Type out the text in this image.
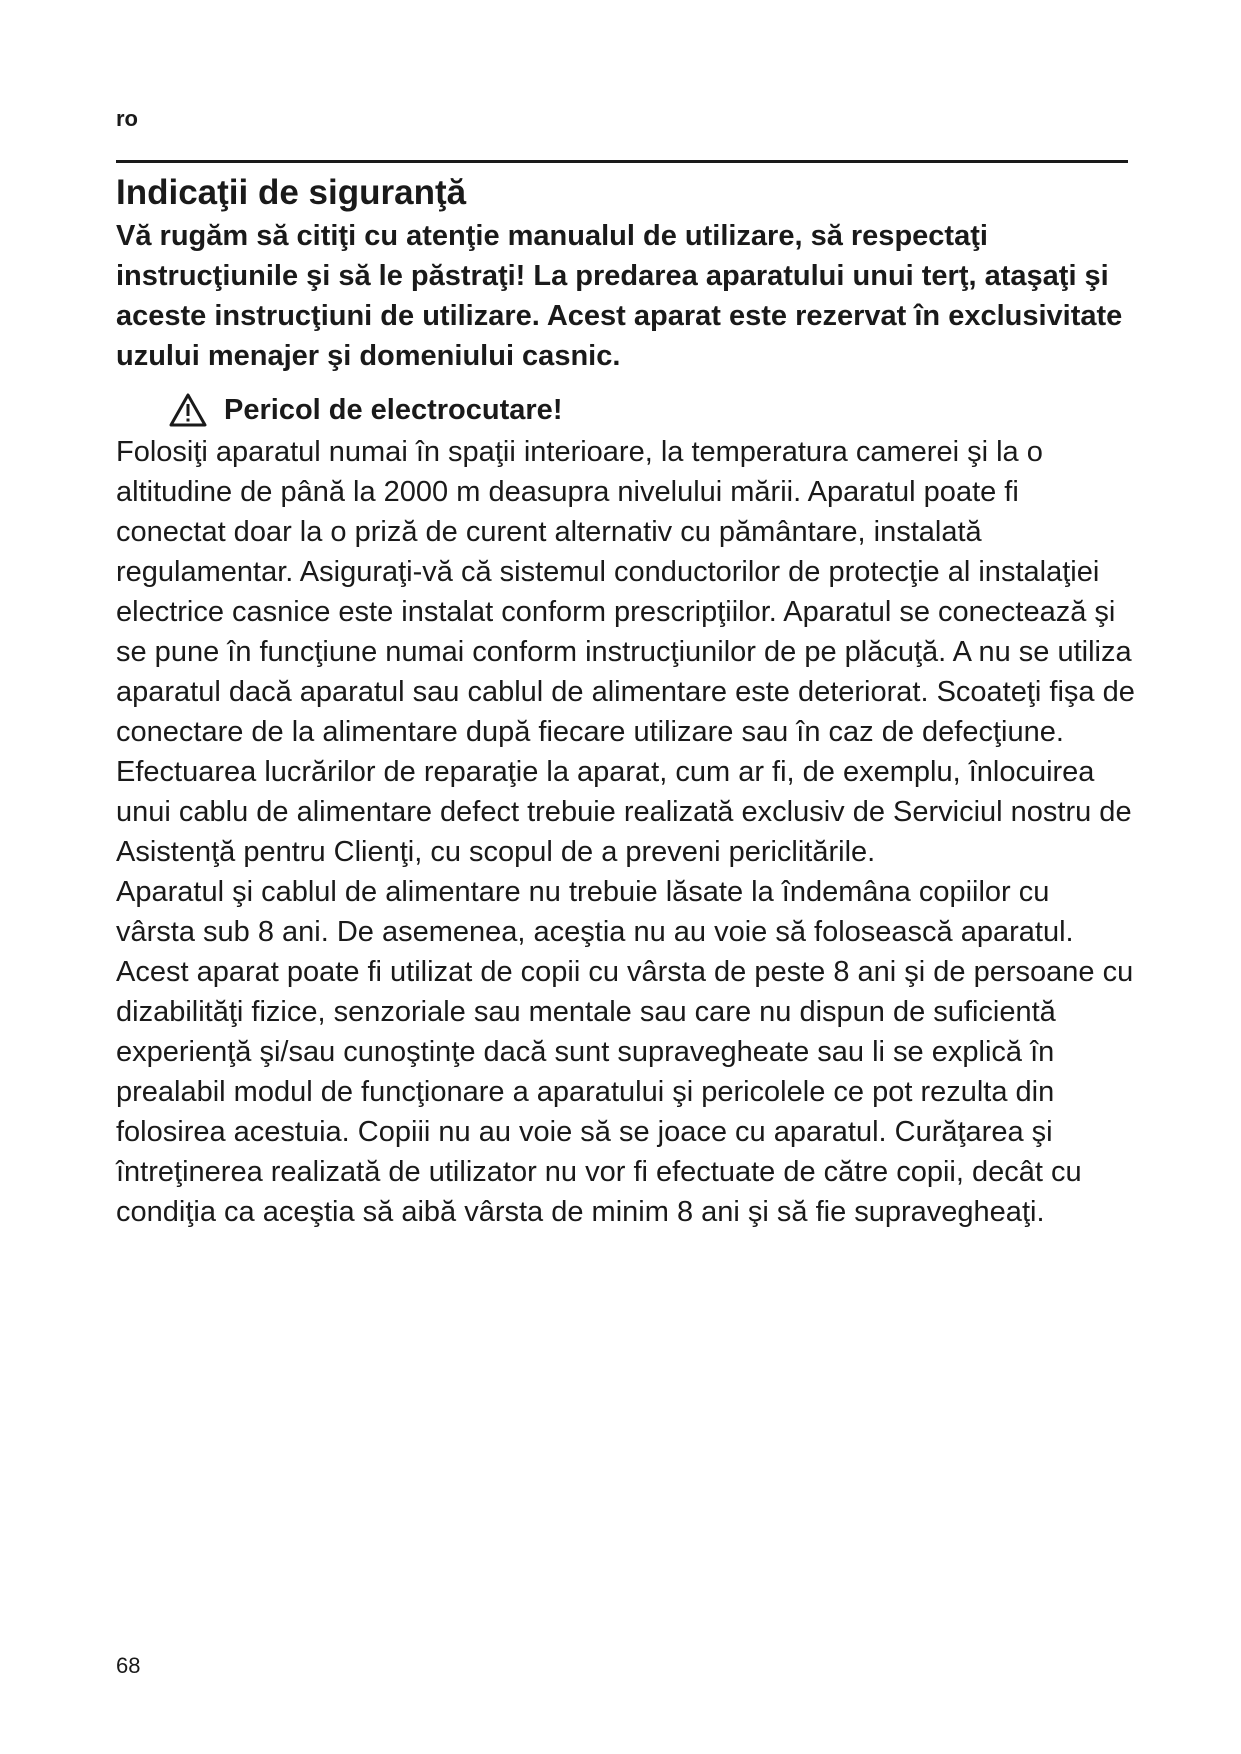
ro
Indicaţii de siguranţă

Vă rugăm să citiţi cu atenţie manualul de utilizare, să respectaţi instrucţiunile şi să le păstraţi! La predarea aparatului unui terţ, ataşaţi şi aceste instrucţiuni de utilizare. Acest aparat este rezervat în exclusivitate uzului menajer şi domeniului casnic.

Pericol de electrocutare!

Folosiţi aparatul numai în spaţii interioare, la temperatura camerei şi la o altitudine de până la 2000 m deasupra nivelului mării. Aparatul poate fi conectat doar la o priză de curent alternativ cu pământare, instalată regulamentar. Asiguraţi-vă că sistemul conductorilor de protecţie al instalaţiei electrice casnice este instalat conform prescripţiilor. Aparatul se conectează şi se pune în funcţiune numai conform instrucţiunilor de pe plăcuţă. A nu se utiliza aparatul dacă aparatul sau cablul de alimentare este deteriorat. Scoateţi fişa de conectare de la alimentare după fiecare utilizare sau în caz de defecţiune. Efectuarea lucrărilor de reparaţie la aparat, cum ar fi, de exemplu, înlocuirea unui cablu de alimentare defect trebuie realizată exclusiv de Serviciul nostru de Asistenţă pentru Clienţi, cu scopul de a preveni periclitările.

Aparatul şi cablul de alimentare nu trebuie lăsate la îndemâna copiilor cu vârsta sub 8 ani. De asemenea, aceştia nu au voie să folosească aparatul. Acest aparat poate fi utilizat de copii cu vârsta de peste 8 ani şi de persoane cu dizabilităţi fizice, senzoriale sau mentale sau care nu dispun de suficientă experienţă şi/sau cunoştinţe dacă sunt supravegheate sau li se explică în prealabil modul de funcţionare a aparatului şi pericolele ce pot rezulta din folosirea acestuia. Copiii nu au voie să se joace cu aparatul. Curăţarea şi întreţinerea realizată de utilizator nu vor fi efectuate de către copii, decât cu condiţia ca aceştia să aibă vârsta de minim 8 ani şi să fie supravegheaţi.

68
